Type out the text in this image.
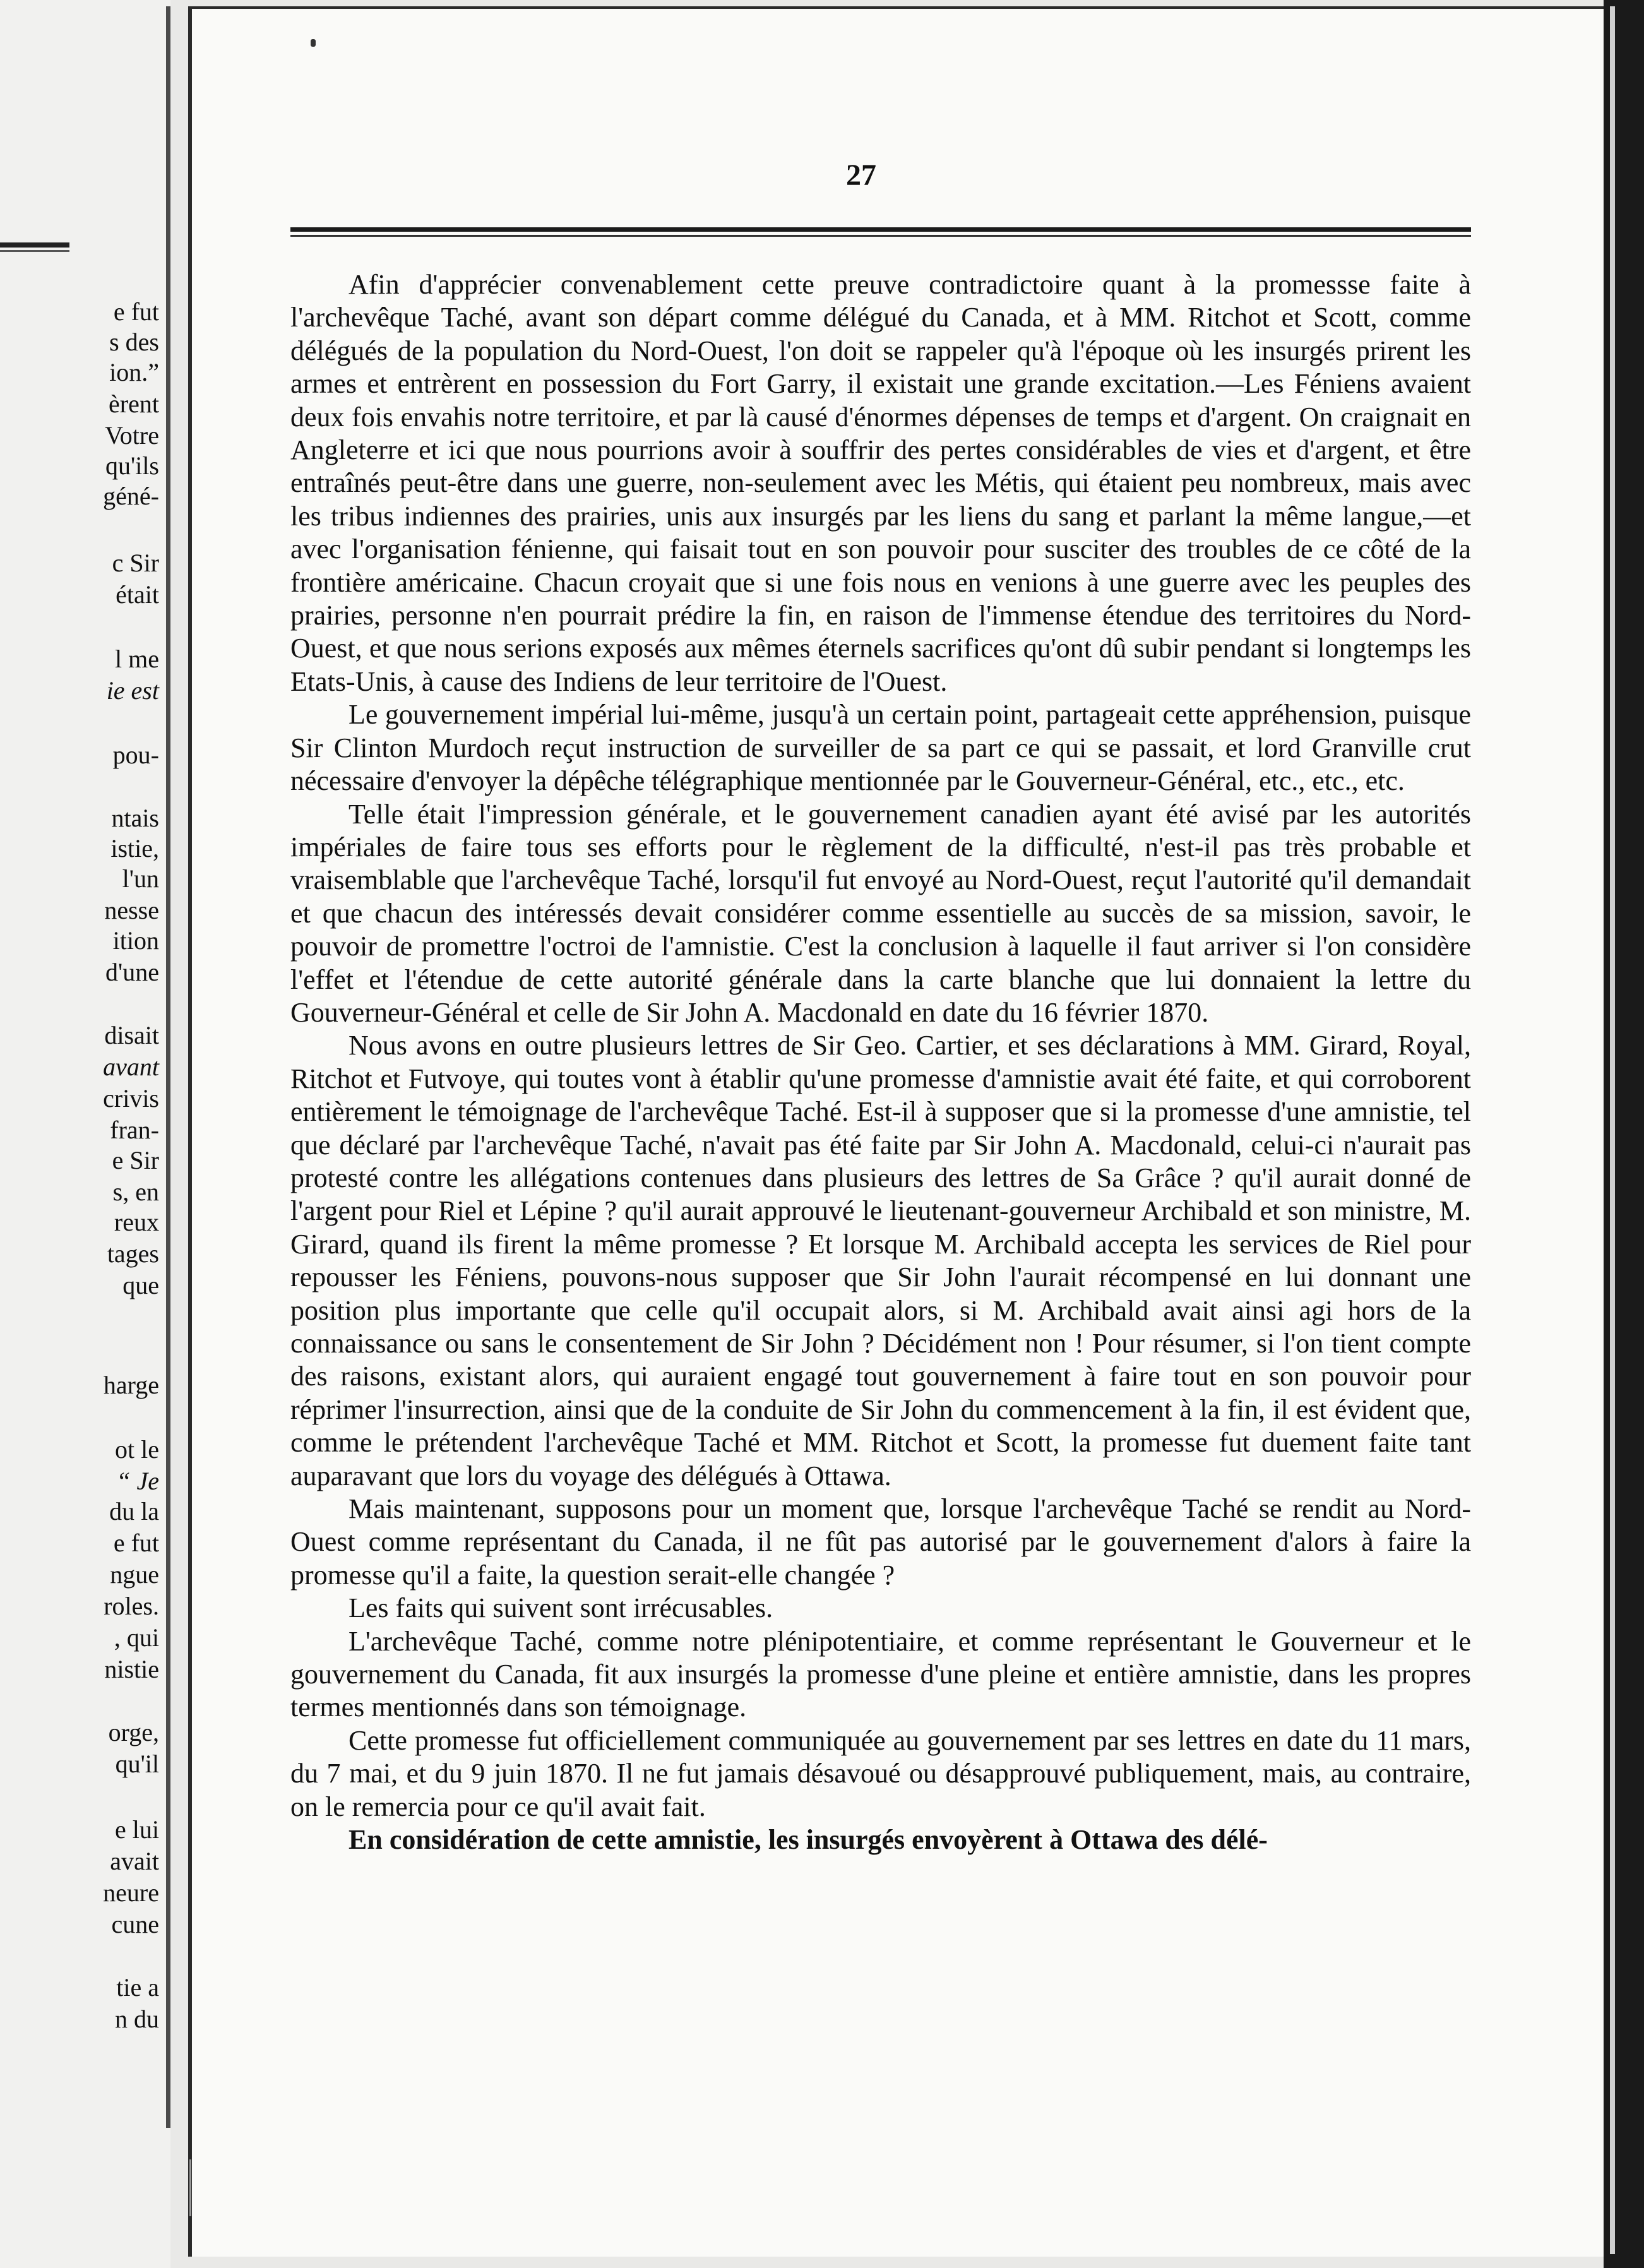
e fut
s des
ion.”
èrent
Votre
qu'ils
géné-
c Sir
était
l me
ie est
pou-
ntais
istie,
l'un
nesse
ition
d'une
disait
avant
crivis
fran-
e Sir
s, en
reux
tages
que
harge
ot le
“ Je
du la
e fut
ngue
roles.
, qui
nistie
orge,
qu'il
e lui
avait
neure
cune
tie a
n du
27

Afin d'apprécier convenablement cette preuve contradictoire quant à la promessse faite à l'archevêque Taché, avant son départ comme délégué du Canada, et à MM. Ritchot et Scott, comme délégués de la population du Nord-Ouest, l'on doit se rappeler qu'à l'époque où les insurgés prirent les armes et entrèrent en possession du Fort Garry, il existait une grande excitation.—Les Féniens avaient deux fois envahis notre territoire, et par là causé d'énormes dépenses de temps et d'argent. On craignait en Angleterre et ici que nous pourrions avoir à souffrir des pertes considérables de vies et d'argent, et être entraînés peut-être dans une guerre, non-seulement avec les Métis, qui étaient peu nombreux, mais avec les tribus indiennes des prairies, unis aux insurgés par les liens du sang et parlant la même langue,—et avec l'organisation fénienne, qui faisait tout en son pouvoir pour susciter des troubles de ce côté de la frontière américaine. Chacun croyait que si une fois nous en venions à une guerre avec les peuples des prairies, personne n'en pourrait prédire la fin, en raison de l'immense étendue des territoires du Nord-Ouest, et que nous serions exposés aux mêmes éternels sacrifices qu'ont dû subir pendant si longtemps les Etats-Unis, à cause des Indiens de leur territoire de l'Ouest.

Le gouvernement impérial lui-même, jusqu'à un certain point, partageait cette appréhension, puisque Sir Clinton Murdoch reçut instruction de surveiller de sa part ce qui se passait, et lord Granville crut nécessaire d'envoyer la dépêche télégraphique mentionnée par le Gouverneur-Général, etc., etc., etc.

Telle était l'impression générale, et le gouvernement canadien ayant été avisé par les autorités impériales de faire tous ses efforts pour le règlement de la difficulté, n'est-il pas très probable et vraisemblable que l'archevêque Taché, lorsqu'il fut envoyé au Nord-Ouest, reçut l'autorité qu'il demandait et que chacun des intéressés devait considérer comme essentielle au succès de sa mission, savoir, le pouvoir de promettre l'octroi de l'amnistie. C'est la conclusion à laquelle il faut arriver si l'on considère l'effet et l'étendue de cette autorité générale dans la carte blanche que lui donnaient la lettre du Gouverneur-Général et celle de Sir John A. Macdonald en date du 16 février 1870.

Nous avons en outre plusieurs lettres de Sir Geo. Cartier, et ses déclarations à MM. Girard, Royal, Ritchot et Futvoye, qui toutes vont à établir qu'une promesse d'amnistie avait été faite, et qui corroborent entièrement le témoignage de l'archevêque Taché. Est-il à supposer que si la promesse d'une amnistie, tel que déclaré par l'archevêque Taché, n'avait pas été faite par Sir John A. Macdonald, celui-ci n'aurait pas protesté contre les allégations contenues dans plusieurs des lettres de Sa Grâce ? qu'il aurait donné de l'argent pour Riel et Lépine ? qu'il aurait approuvé le lieutenant-gouverneur Archibald et son ministre, M. Girard, quand ils firent la même promesse ? Et lorsque M. Archibald accepta les services de Riel pour repousser les Féniens, pouvons-nous supposer que Sir John l'aurait récompensé en lui donnant une position plus importante que celle qu'il occupait alors, si M. Archibald avait ainsi agi hors de la connaissance ou sans le consentement de Sir John ? Décidément non ! Pour résumer, si l'on tient compte des raisons, existant alors, qui auraient engagé tout gouvernement à faire tout en son pouvoir pour réprimer l'insurrection, ainsi que de la conduite de Sir John du commencement à la fin, il est évident que, comme le prétendent l'archevêque Taché et MM. Ritchot et Scott, la promesse fut duement faite tant auparavant que lors du voyage des délégués à Ottawa.

Mais maintenant, supposons pour un moment que, lorsque l'archevêque Taché se rendit au Nord-Ouest comme représentant du Canada, il ne fût pas autorisé par le gouvernement d'alors à faire la promesse qu'il a faite, la question serait-elle changée ?

Les faits qui suivent sont irrécusables.

L'archevêque Taché, comme notre plénipotentiaire, et comme représentant le Gouverneur et le gouvernement du Canada, fit aux insurgés la promesse d'une pleine et entière amnistie, dans les propres termes mentionnés dans son témoignage.

Cette promesse fut officiellement communiquée au gouvernement par ses lettres en date du 11 mars, du 7 mai, et du 9 juin 1870. Il ne fut jamais désavoué ou désapprouvé publiquement, mais, au contraire, on le remercia pour ce qu'il avait fait.

En considération de cette amnistie, les insurgés envoyèrent à Ottawa des délé-
